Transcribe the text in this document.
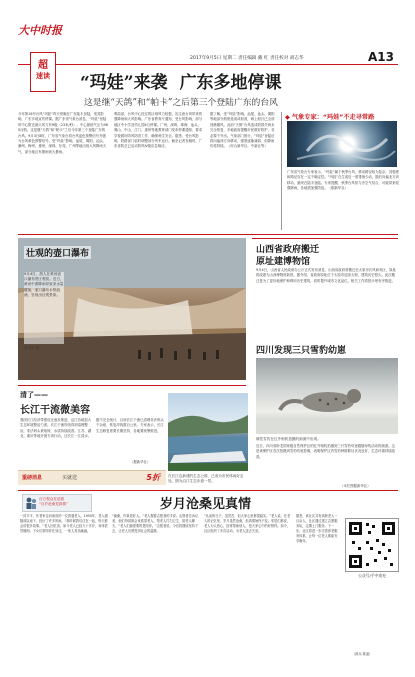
大中时报
2017年9月5日 星期二 责任编辑 戴 红 责任校对 胡志华	A13
超
速读 “玛娃”来袭 广东多地停课
这是继“天鸽”和“帕卡”之后第三个登陆广东的台风
今年第16号台风“玛娃”昨天傍晚在广东陆丰登陆，受其影响，广东多地宣布停课。据广东省气象台消息，“玛娃”登陆时中心附近最大风力有9级（23米/秒），中心最低气压为985百帕。这是继“天鸽”和“帕卡”之后今年第三个登陆广东的台风。9月3日8时，广东省气象台将台风蓝色预警信号升级为台风黄色预警信号。受“玛娃”影响，汕尾、揭阳、汕头、潮州、梅州、惠州、深圳、东莞、广州等地出现大风降雨天气，部分地区有暴雨到大暴雨。
利局部，台风中心经过的区域风力较强，应注意台风带来的强降雨和大风影响。广东省教育厅通知，受台风影响，部分地区中小学及幼儿园4日停课。广州、深圳、珠海、汕头、佛山、中山、江门、惠州等地教育部门发布停课通知，要求学校做好防风防汛工作，确保师生安全。据悉，受台风影响，铁路部门临时调整部分列车运行。截至记者发稿时，广东省防总已启动防风Ⅳ级应急响应。
据了解，受“玛娃”影响，汕尾、汕头、揭阳等地部分航班延误或取消，海上船只已全部回港避风。此前“天鸽”台风造成的损失尚未完全恢复，多地政府提醒市民做好防护，非必要不外出。气象部门预计，“玛娃”登陆后将向偏西方向移动，强度逐渐减弱，但降雨仍将持续。（综合新华社、中新社等）
◆ 气象专家：“玛娃”不走寻常路
广东省气象台专家表示，“玛娃”属于秋季台风，移动路径较为复杂，其强度和路径存在一定不确定性。“玛娃”在生成后一度徘徊少动，随后向偏北方向移动，最终在陆丰登陆。专家提醒，秋季台风常与冷空气结合，可能带来较强降雨，各地需加强防范。（据新华社）
壮观的壶口瀑布
9月4日，游人在黄河壶口瀑布景区观赏。近日，黄河中游降雨导致来水量增加，壶口瀑布水势汹涌，呈现出壮观景象。
郭书宏 摄
山西省政府搬迁
原址建博物馆
9月4日，山西省人民政府办公厅正式发布消息，山西省政府将搬迁至太原市长风商务区，原址将改建为山西博物馆新馆。据介绍，省政府原址位于太原市迎泽大街，建筑历史悠久。此次搬迁是为了更好地保护和利用历史建筑，同时提升城市文化品位。相关工作将按计划有序推进。
四川发现三只雪豹幼崽
雄性雪豹在红外相机拍摄的画面中出现。
近日，四川省卧龙国家级自然保护区的红外相机拍摄到三只雪豹幼崽跟随母豹活动的画面。这是该保护区首次拍摄到雪豹幼崽影像，表明保护区内雪豹种群繁衍状况良好，生态环境持续改善。
（本栏图据新华社）
清了——
长江干流微美容
我国长江经济带建设正逐步推进，沿江各地加大生态环境整治力度。长江干流岸线得到清理整治，非法码头被取缔，水质持续改善。江苏、湖北、重庆等地开展专项行动，还长江一江清水。
据不完全统计，目前长江干流已清理非法码头千余座，恢复岸线数百公里。专家表示，长江生态修复需要长期坚持，各地要统筹推进。
（据新华社）
在长江边新建的生态公园，已成为市民休闲好去处。图为沿江生态步道一景。
重磅消息	买就送	5折
百万观众在追看
“百岁沧桑见真情”	岁月沧桑见真情
一封平平，作者家住河南省的一位普通老人。1950年，老人跟随部队南下，经历了许多风雨。“那时候我们住在一起，每天都会讲很多故事。”老人回忆说。如今老人已经九十多岁，身体依然硬朗。子女们常陪伴在身边，一家人其乐融融。
“谢谢，你真是好人。”老人握着志愿者的手说。志愿者告诉记者，他们每周都会来看望老人，帮老人打扫卫生、陪老人聊天。“老人们最需要的是陪伴。”志愿者说，今后将继续坚持下去，让老人们感受到社会的温暖。
“从前的日子，虽然苦，但大家心里都很踏实。”老人说。在老人的记忆里，岁月虽然沧桑，但真情始终不变。邻居们都说，老人为人热心，经常帮助别人，是大家心中的好榜样。如今，社区组织了多次活动，为老人送去关爱。
据悉，该社区共有高龄老人一百余人，社区通过建立志愿服务队，定期上门服务。下一步，社区将进一步完善养老服务体系，让每一位老人都能安享晚年。
公众号/手中南充
（薛兵 陈凌）
